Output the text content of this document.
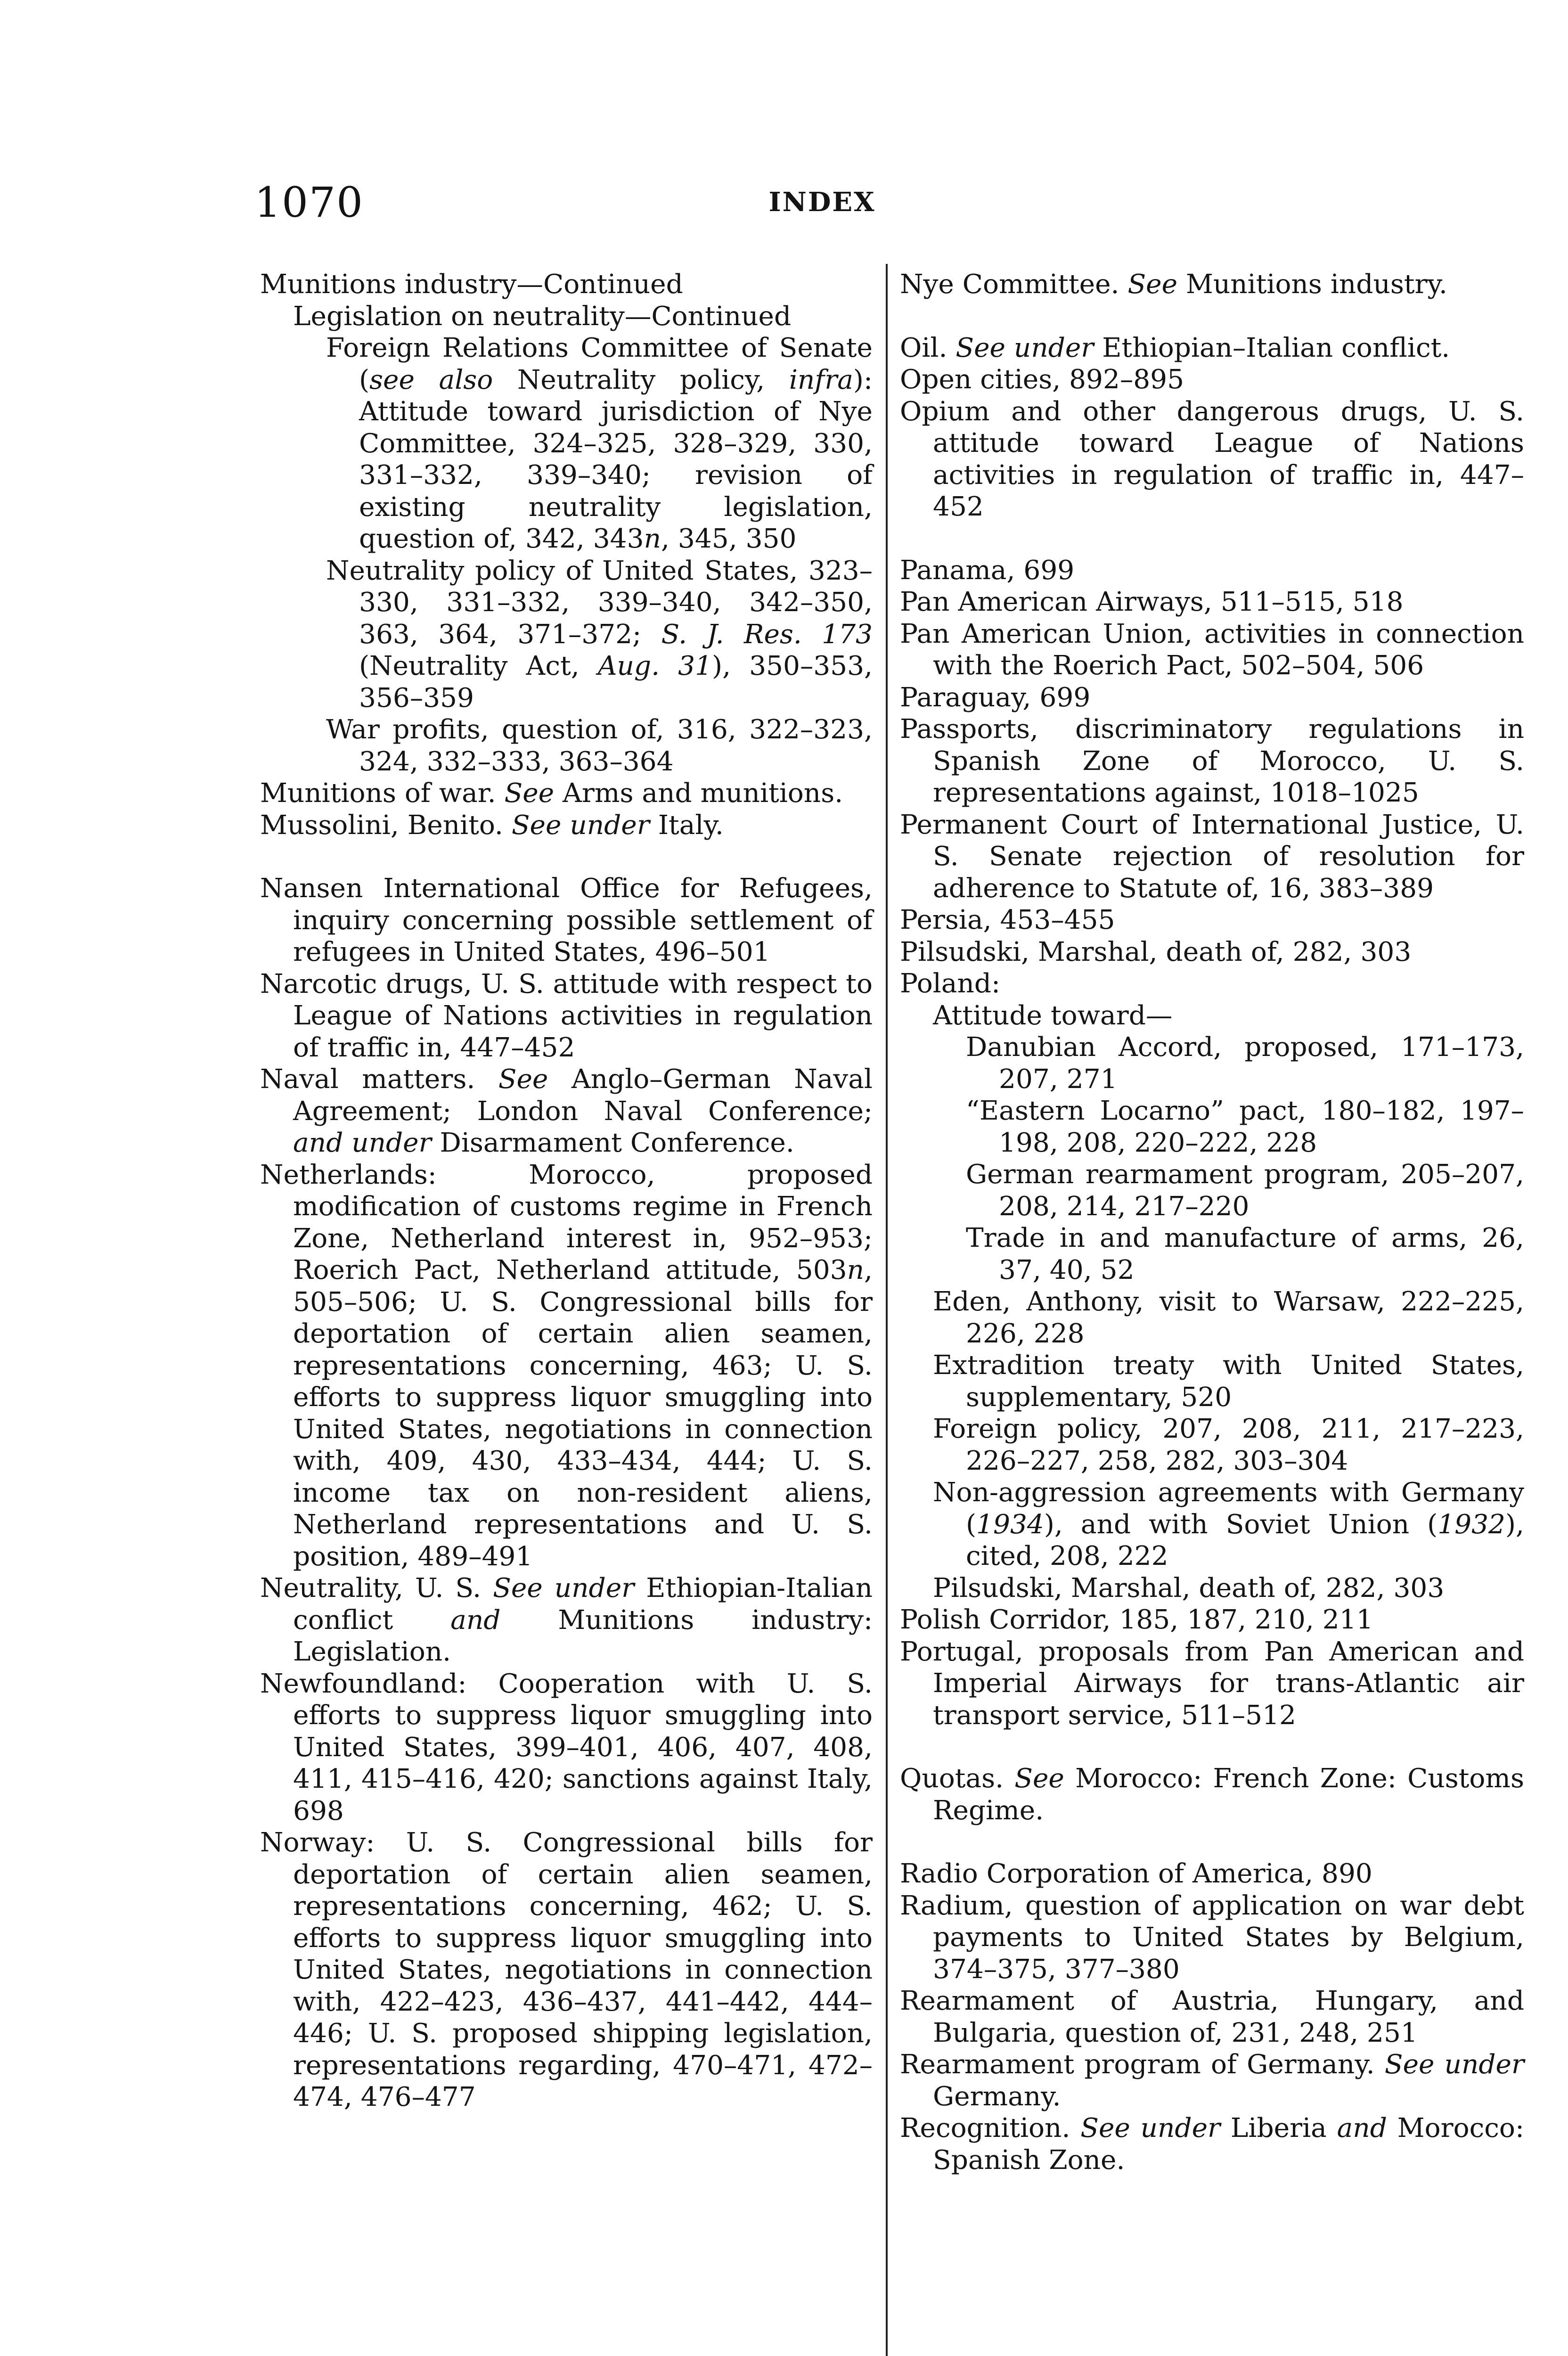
1070	INDEX
Munitions industry—Continued
Legislation on neutrality—Continued
Foreign Relations Committee of Senate (see also Neutrality policy, infra): Attitude toward jurisdiction of Nye Committee, 324–325, 328–329, 330, 331–332, 339–340; revision of existing neutrality legislation, question of, 342, 343n, 345, 350
Neutrality policy of United States, 323–330, 331–332, 339–340, 342–350, 363, 364, 371–372; S. J. Res. 173 (Neutrality Act, Aug. 31), 350–353, 356–359
War profits, question of, 316, 322–323, 324, 332–333, 363–364
Munitions of war. See Arms and munitions.
Mussolini, Benito. See under Italy.
Nansen International Office for Refugees, inquiry concerning possible settlement of refugees in United States, 496–501
Narcotic drugs, U. S. attitude with respect to League of Nations activities in regulation of traffic in, 447–452
Naval matters. See Anglo–German Naval Agreement; London Naval Conference; and under Disarmament Conference.
Netherlands: Morocco, proposed modification of customs regime in French Zone, Netherland interest in, 952–953; Roerich Pact, Netherland attitude, 503n, 505–506; U. S. Congressional bills for deportation of certain alien seamen, representations concerning, 463; U. S. efforts to suppress liquor smuggling into United States, negotiations in connection with, 409, 430, 433–434, 444; U. S. income tax on non-resident aliens, Netherland representations and U. S. position, 489–491
Neutrality, U. S. See under Ethiopian-Italian conflict and Munitions industry: Legislation.
Newfoundland: Cooperation with U. S. efforts to suppress liquor smuggling into United States, 399–401, 406, 407, 408, 411, 415–416, 420; sanctions against Italy, 698
Norway: U. S. Congressional bills for deportation of certain alien seamen, representations concerning, 462; U. S. efforts to suppress liquor smuggling into United States, negotiations in connection with, 422–423, 436–437, 441–442, 444–446; U. S. proposed shipping legislation, representations regarding, 470–471, 472–474, 476–477
Nye Committee. See Munitions industry.
Oil. See under Ethiopian–Italian conflict.
Open cities, 892–895
Opium and other dangerous drugs, U. S. attitude toward League of Nations activities in regulation of traffic in, 447–452
Panama, 699
Pan American Airways, 511–515, 518
Pan American Union, activities in connection with the Roerich Pact, 502–504, 506
Paraguay, 699
Passports, discriminatory regulations in Spanish Zone of Morocco, U. S. representations against, 1018–1025
Permanent Court of International Justice, U. S. Senate rejection of resolution for adherence to Statute of, 16, 383–389
Persia, 453–455
Pilsudski, Marshal, death of, 282, 303
Poland:
Attitude toward—
Danubian Accord, proposed, 171–173, 207, 271
“Eastern Locarno” pact, 180–182, 197–198, 208, 220–222, 228
German rearmament program, 205–207, 208, 214, 217–220
Trade in and manufacture of arms, 26, 37, 40, 52
Eden, Anthony, visit to Warsaw, 222–225, 226, 228
Extradition treaty with United States, supplementary, 520
Foreign policy, 207, 208, 211, 217–223, 226–227, 258, 282, 303–304
Non-aggression agreements with Germany (1934), and with Soviet Union (1932), cited, 208, 222
Pilsudski, Marshal, death of, 282, 303
Polish Corridor, 185, 187, 210, 211
Portugal, proposals from Pan American and Imperial Airways for trans-Atlantic air transport service, 511–512
Quotas. See Morocco: French Zone: Customs Regime.
Radio Corporation of America, 890
Radium, question of application on war debt payments to United States by Belgium, 374–375, 377–380
Rearmament of Austria, Hungary, and Bulgaria, question of, 231, 248, 251
Rearmament program of Germany. See under Germany.
Recognition. See under Liberia and Morocco: Spanish Zone.
